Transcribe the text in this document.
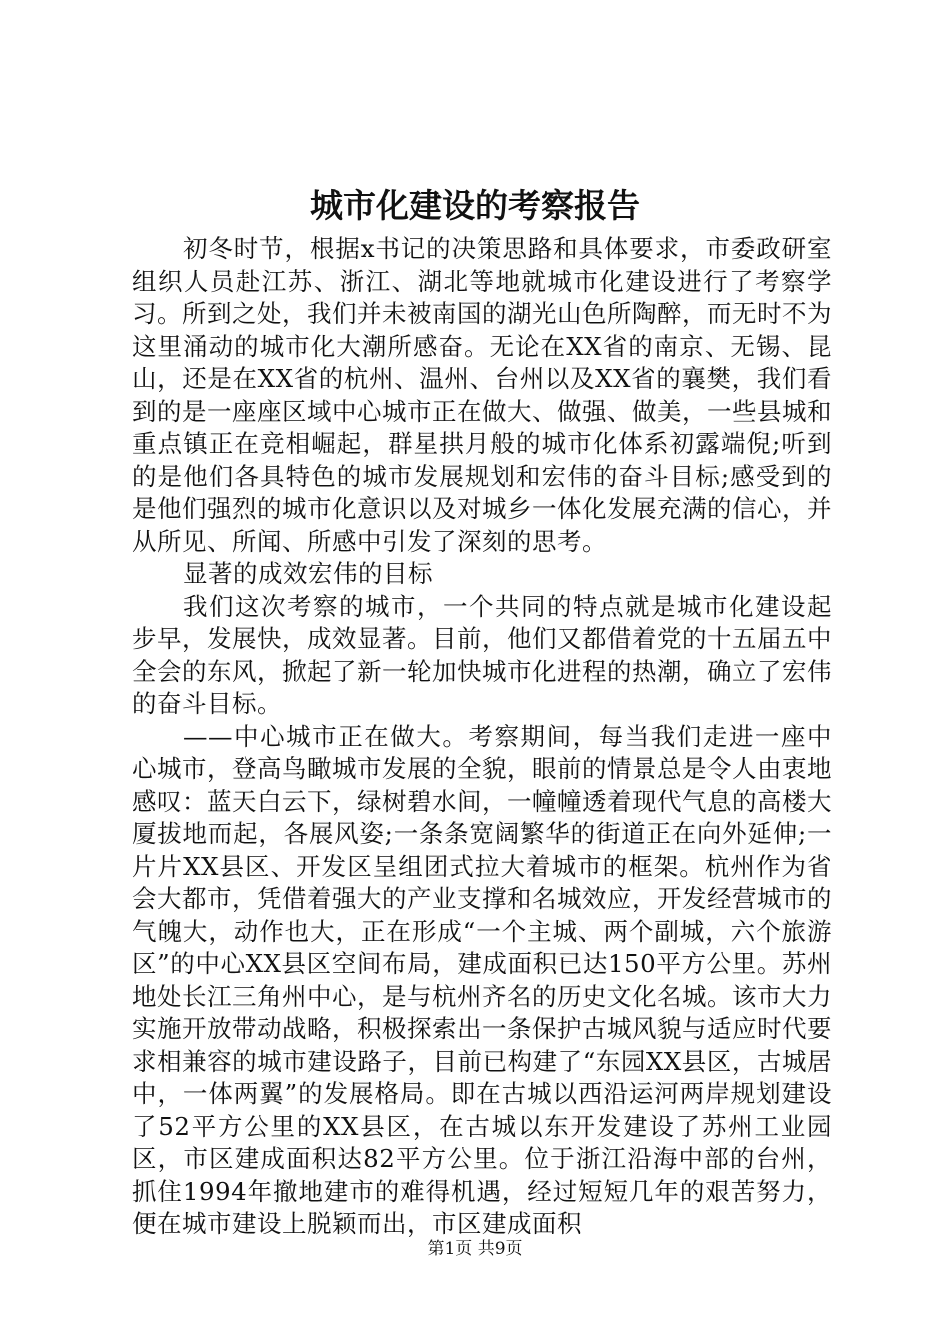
城市化建设的考察报告

初冬时节，根据x书记的决策思路和具体要求，市委政研室组织人员赴江苏、浙江、湖北等地就城市化建设进行了考察学习。所到之处，我们并未被南国的湖光山色所陶醉，而无时不为这里涌动的城市化大潮所感奋。无论在XX省的南京、无锡、昆山，还是在XX省的杭州、温州、台州以及XX省的襄樊，我们看到的是一座座区域中心城市正在做大、做强、做美，一些县城和重点镇正在竞相崛起，群星拱月般的城市化体系初露端倪;听到的是他们各具特色的城市发展规划和宏伟的奋斗目标;感受到的是他们强烈的城市化意识以及对城乡一体化发展充满的信心，并从所见、所闻、所感中引发了深刻的思考。

显著的成效宏伟的目标

我们这次考察的城市，一个共同的特点就是城市化建设起步早，发展快，成效显著。目前，他们又都借着党的十五届五中全会的东风，掀起了新一轮加快城市化进程的热潮，确立了宏伟的奋斗目标。

——中心城市正在做大。考察期间，每当我们走进一座中心城市，登高鸟瞰城市发展的全貌，眼前的情景总是令人由衷地感叹：蓝天白云下，绿树碧水间，一幢幢透着现代气息的高楼大厦拔地而起，各展风姿;一条条宽阔繁华的街道正在向外延伸;一片片XX县区、开发区呈组团式拉大着城市的框架。杭州作为省会大都市，凭借着强大的产业支撑和名城效应，开发经营城市的气魄大，动作也大，正在形成“一个主城、两个副城，六个旅游区”的中心XX县区空间布局，建成面积已达150平方公里。苏州地处长江三角州中心，是与杭州齐名的历史文化名城。该市大力实施开放带动战略，积极探索出一条保护古城风貌与适应时代要求相兼容的城市建设路子，目前已构建了“东园XX县区，古城居中，一体两翼”的发展格局。即在古城以西沿运河两岸规划建设了52平方公里的XX县区，在古城以东开发建设了苏州工业园区，市区建成面积达82平方公里。位于浙江沿海中部的台州，抓住1994年撤地建市的难得机遇，经过短短几年的艰苦努力，便在城市建设上脱颖而出，市区建成面积

第1页 共9页
